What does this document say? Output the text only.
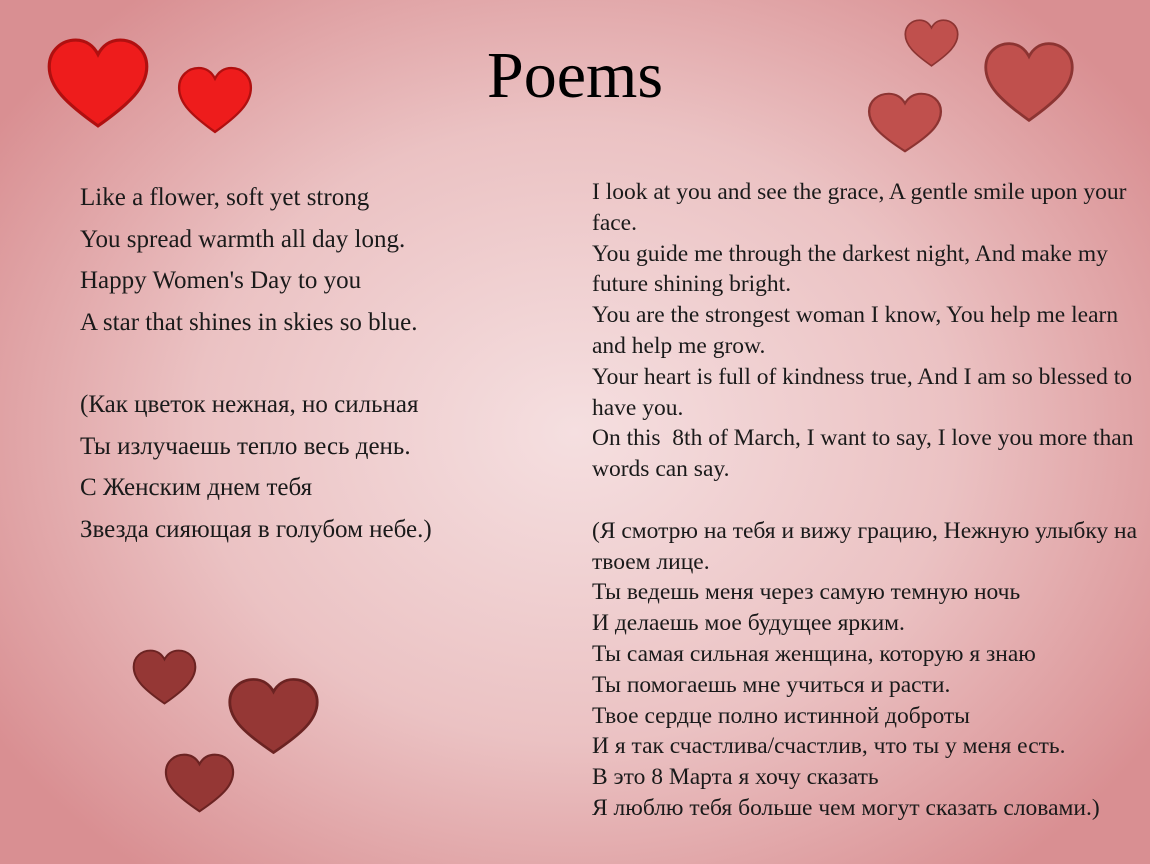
Poems
Like a flower, soft yet strong
You spread warmth all day long.
Happy Women's Day to you
A star that shines in skies so blue.
(Как цветок нежная, но сильная
Ты излучаешь тепло весь день.
С Женским днем тебя
Звезда сияющая в голубом небе.)
I look at you and see the grace, A gentle smile upon your face.
You guide me through the darkest night, And make my future shining bright.
You are the strongest woman I know, You help me learn and help me grow.
Your heart is full of kindness true, And I am so blessed to have you.
On this  8th of March, I want to say, I love you more than words can say.
(Я смотрю на тебя и вижу грацию, Нежную улыбку на твоем лице.
Ты ведешь меня через самую темную ночь
И делаешь мое будущее ярким.
Ты самая сильная женщина, которую я знаю
Ты помогаешь мне учиться и расти.
Твое сердце полно истинной доброты
И я так счастлива/счастлив, что ты у меня есть.
В это 8 Марта я хочу сказать
Я люблю тебя больше чем могут сказать словами.)
